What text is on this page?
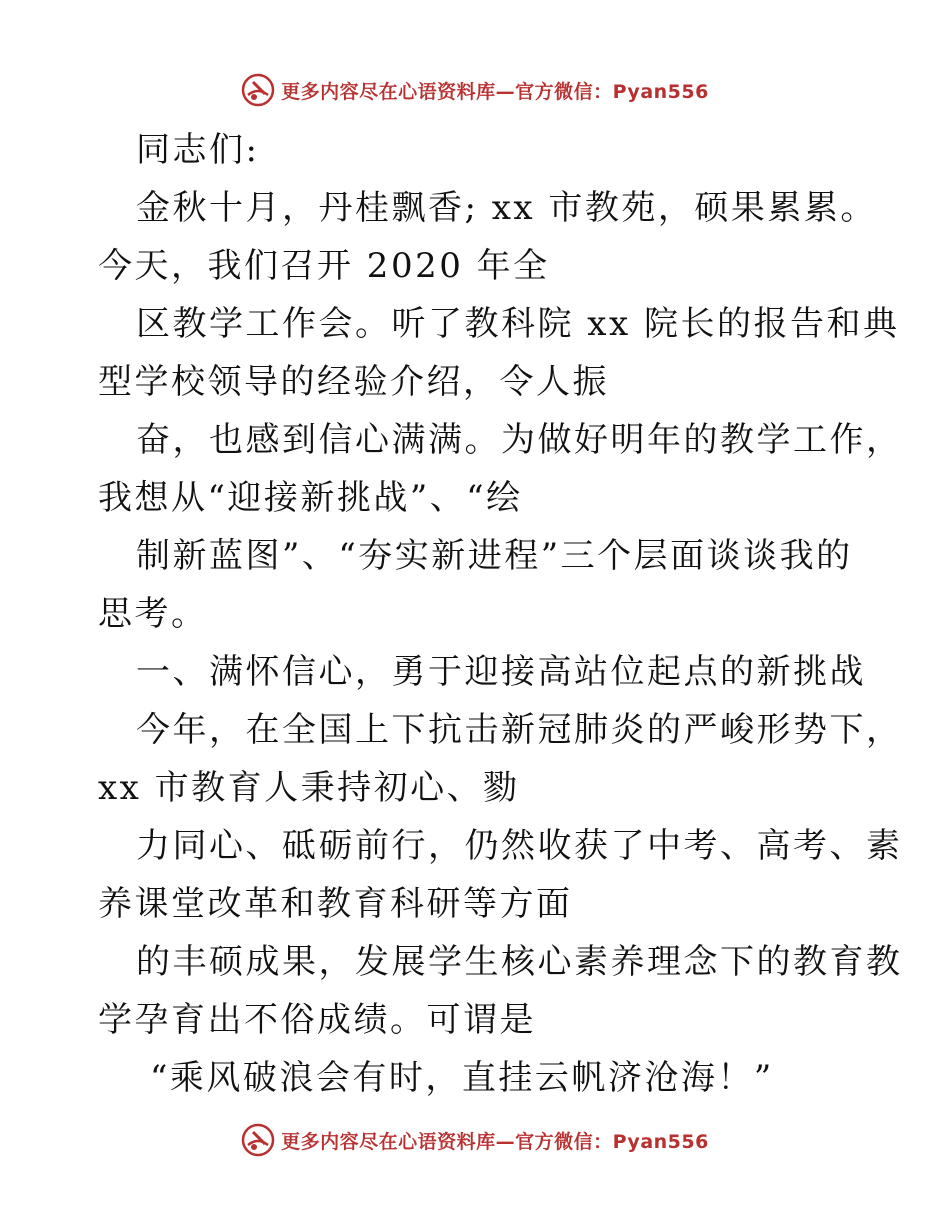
更多内容尽在心语资料库—官方微信：Pyan556
同志们:
金秋十月，丹桂飘香; xx 市教苑，硕果累累。
今天，我们召开 2020 年全
区教学工作会。听了教科院 xx 院长的报告和典
型学校领导的经验介绍，令人振
奋，也感到信心满满。为做好明年的教学工作，
我想从“迎接新挑战”、“绘
制新蓝图”、“夯实新进程”三个层面谈谈我的
思考。
一、满怀信心，勇于迎接高站位起点的新挑战
今年，在全国上下抗击新冠肺炎的严峻形势下，
xx 市教育人秉持初心、勠
力同心、砥砺前行，仍然收获了中考、高考、素
养课堂改革和教育科研等方面
的丰硕成果，发展学生核心素养理念下的教育教
学孕育出不俗成绩。可谓是
“乘风破浪会有时，直挂云帆济沧海！”
更多内容尽在心语资料库—官方微信：Pyan556
